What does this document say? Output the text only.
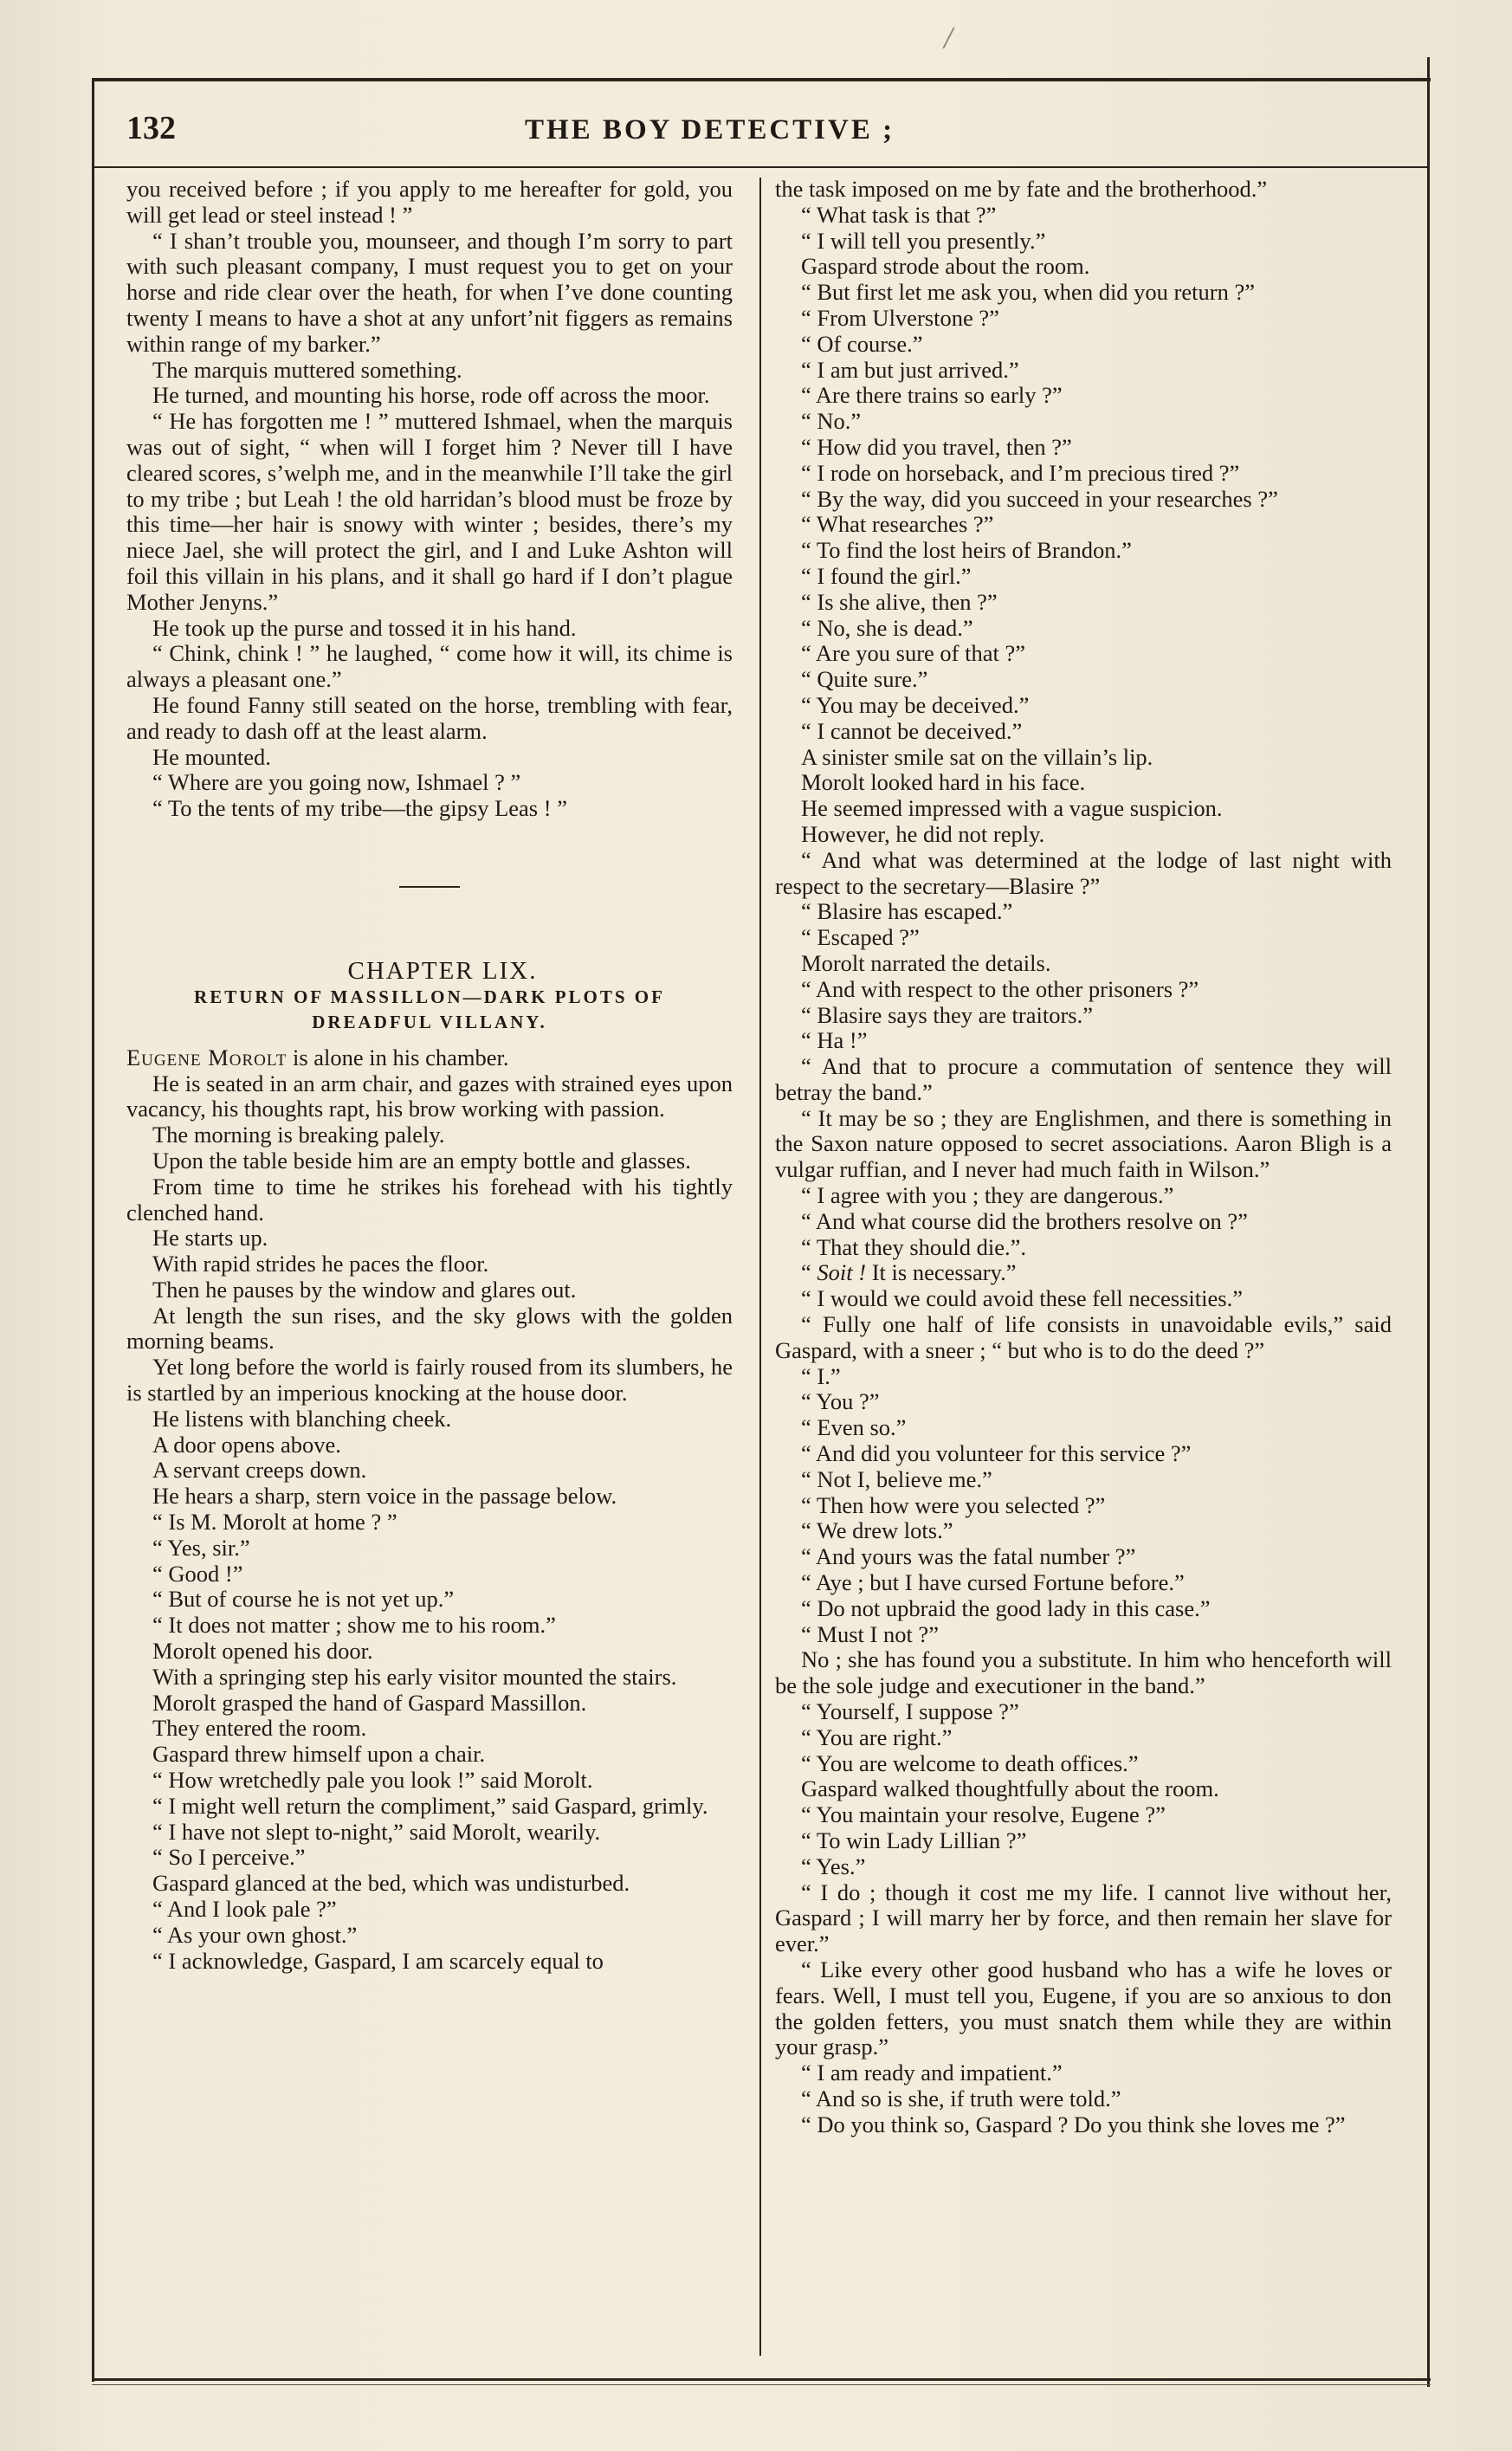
/
132	THE BOY DETECTIVE ;

you received before ; if you apply to me hereafter for gold, you will get lead or steel instead ! ”

“ I shan’t trouble you, mounseer, and though I’m sorry to part with such pleasant company, I must request you to get on your horse and ride clear over the heath, for when I’ve done counting twenty I means to have a shot at any unfort’nit figgers as remains within range of my barker.”

The marquis muttered something.

He turned, and mounting his horse, rode off across the moor.

“ He has forgotten me ! ” muttered Ishmael, when the marquis was out of sight, “ when will I forget him ? Never till I have cleared scores, s’welph me, and in the meanwhile I’ll take the girl to my tribe ; but Leah ! the old harridan’s blood must be froze by this time—her hair is snowy with winter ; besides, there’s my niece Jael, she will protect the girl, and I and Luke Ashton will foil this villain in his plans, and it shall go hard if I don’t plague Mother Jenyns.”

He took up the purse and tossed it in his hand.

“ Chink, chink ! ” he laughed, “ come how it will, its chime is always a pleasant one.”

He found Fanny still seated on the horse, trembling with fear, and ready to dash off at the least alarm.

He mounted.

“ Where are you going now, Ishmael ? ”

“ To the tents of my tribe—the gipsy Leas ! ”

CHAPTER LIX.

RETURN OF MASSILLON—DARK PLOTS OF
DREADFUL VILLANY.

Eugene Morolt is alone in his chamber.

He is seated in an arm chair, and gazes with strained eyes upon vacancy, his thoughts rapt, his brow working with passion.

The morning is breaking palely.

Upon the table beside him are an empty bottle and glasses.

From time to time he strikes his forehead with his tightly clenched hand.

He starts up.

With rapid strides he paces the floor.

Then he pauses by the window and glares out.

At length the sun rises, and the sky glows with the golden morning beams.

Yet long before the world is fairly roused from its slumbers, he is startled by an imperious knocking at the house door.

He listens with blanching cheek.

A door opens above.

A servant creeps down.

He hears a sharp, stern voice in the passage below.

“ Is M. Morolt at home ? ”

“ Yes, sir.”

“ Good !”

“ But of course he is not yet up.”

“ It does not matter ; show me to his room.”

Morolt opened his door.

With a springing step his early visitor mounted the stairs.

Morolt grasped the hand of Gaspard Massillon.

They entered the room.

Gaspard threw himself upon a chair.

“ How wretchedly pale you look !” said Morolt.

“ I might well return the compliment,” said Gaspard, grimly.

“ I have not slept to-night,” said Morolt, wearily.

“ So I perceive.”

Gaspard glanced at the bed, which was undisturbed.

“ And I look pale ?”

“ As your own ghost.”

“ I acknowledge, Gaspard, I am scarcely equal to

the task imposed on me by fate and the brotherhood.”

“ What task is that ?”

“ I will tell you presently.”

Gaspard strode about the room.

“ But first let me ask you, when did you return ?”

“ From Ulverstone ?”

“ Of course.”

“ I am but just arrived.”

“ Are there trains so early ?”

“ No.”

“ How did you travel, then ?”

“ I rode on horseback, and I’m precious tired ?”

“ By the way, did you succeed in your researches ?”

“ What researches ?”

“ To find the lost heirs of Brandon.”

“ I found the girl.”

“ Is she alive, then ?”

“ No, she is dead.”

“ Are you sure of that ?”

“ Quite sure.”

“ You may be deceived.”

“ I cannot be deceived.”

A sinister smile sat on the villain’s lip.

Morolt looked hard in his face.

He seemed impressed with a vague suspicion.

However, he did not reply.

“ And what was determined at the lodge of last night with respect to the secretary—Blasire ?”

“ Blasire has escaped.”

“ Escaped ?”

Morolt narrated the details.

“ And with respect to the other prisoners ?”

“ Blasire says they are traitors.”

“ Ha !”

“ And that to procure a commutation of sentence they will betray the band.”

“ It may be so ; they are Englishmen, and there is something in the Saxon nature opposed to secret associations. Aaron Bligh is a vulgar ruffian, and I never had much faith in Wilson.”

“ I agree with you ; they are dangerous.”

“ And what course did the brothers resolve on ?”

“ That they should die.”.

“ Soit ! It is necessary.”

“ I would we could avoid these fell necessities.”

“ Fully one half of life consists in unavoidable evils,” said Gaspard, with a sneer ; “ but who is to do the deed ?”

“ I.”

“ You ?”

“ Even so.”

“ And did you volunteer for this service ?”

“ Not I, believe me.”

“ Then how were you selected ?”

“ We drew lots.”

“ And yours was the fatal number ?”

“ Aye ; but I have cursed Fortune before.”

“ Do not upbraid the good lady in this case.”

“ Must I not ?”

No ; she has found you a substitute. In him who henceforth will be the sole judge and executioner in the band.”

“ Yourself, I suppose ?”

“ You are right.”

“ You are welcome to death offices.”

Gaspard walked thoughtfully about the room.

“ You maintain your resolve, Eugene ?”

“ To win Lady Lillian ?”

“ Yes.”

“ I do ; though it cost me my life. I cannot live without her, Gaspard ; I will marry her by force, and then remain her slave for ever.”

“ Like every other good husband who has a wife he loves or fears. Well, I must tell you, Eugene, if you are so anxious to don the golden fetters, you must snatch them while they are within your grasp.”

“ I am ready and impatient.”

“ And so is she, if truth were told.”

“ Do you think so, Gaspard ? Do you think she loves me ?”
